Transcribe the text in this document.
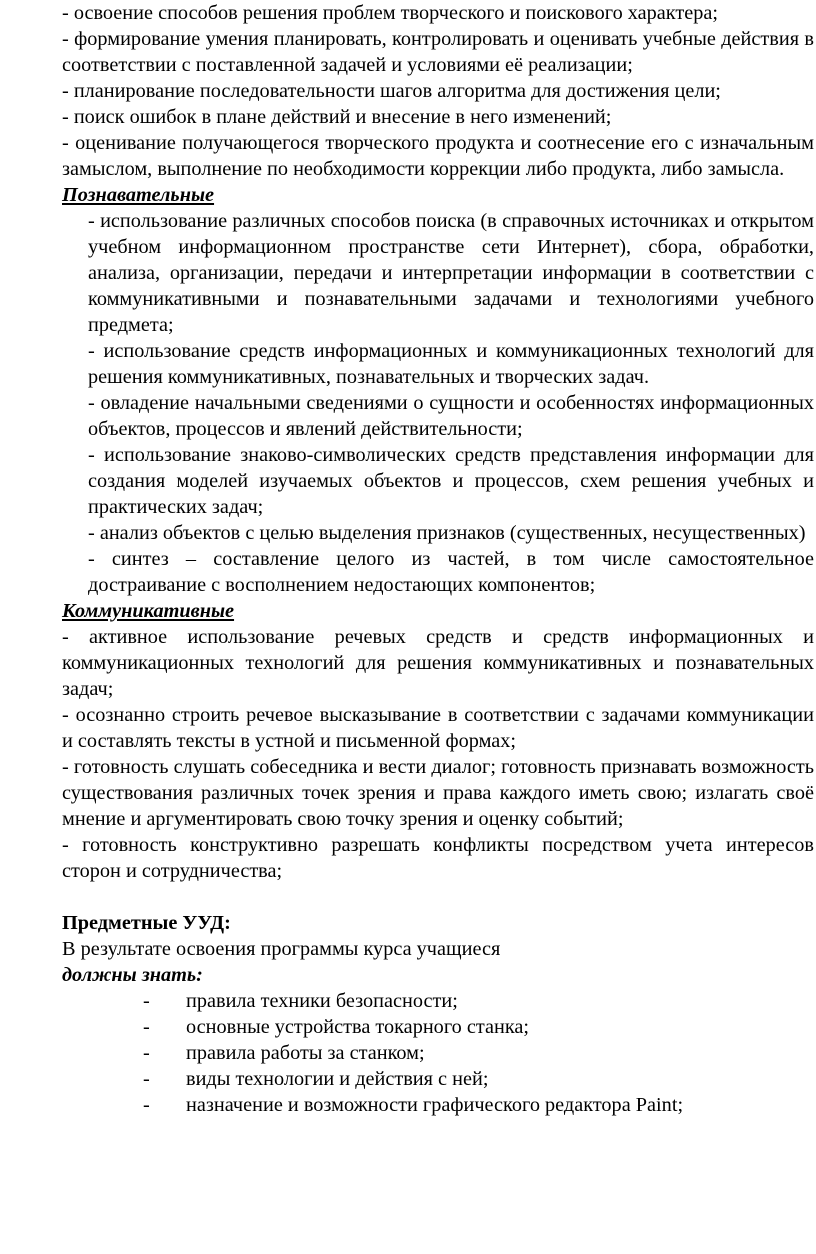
- освоение способов решения проблем творческого и поискового характера;

- формирование умения планировать, контролировать и оценивать учебные действия в соответствии с поставленной задачей и условиями её реализации;

- планирование последовательности шагов алгоритма для достижения цели;

- поиск ошибок в плане действий и внесение в него изменений;

- оценивание получающегося творческого продукта и соотнесение его с изначальным замыслом, выполнение по необходимости коррекции либо продукта, либо замысла.

Познавательные

- использование различных способов поиска (в справочных источниках и открытом учебном информационном пространстве сети Интернет), сбора, обработки, анализа, организации, передачи и интерпретации информации в соответствии с коммуникативными и познавательными задачами и технологиями учебного предмета;

- использование средств информационных и коммуникационных технологий для решения коммуникативных, познавательных и творческих задач.

- овладение начальными сведениями о сущности и особенностях информационных объектов, процессов и явлений действительности;

- использование знаково-символических средств представления информации для создания моделей изучаемых объектов и процессов, схем решения учебных и практических задач;

- анализ объектов с целью выделения признаков (существенных, несущественных)

- синтез – составление целого из частей, в том числе самостоятельное достраивание с восполнением недостающих компонентов;

Коммуникативные

- активное использование речевых средств и средств информационных и коммуникационных технологий для решения коммуникативных и познавательных задач;

- осознанно строить речевое высказывание в соответствии с задачами коммуникации и составлять тексты в устной и письменной формах;

- готовность слушать собеседника и вести диалог; готовность признавать возможность существования различных точек зрения и права каждого иметь свою; излагать своё мнение и аргументировать свою точку зрения и оценку событий;

- готовность конструктивно разрешать конфликты посредством учета интересов сторон и сотрудничества;

Предметные УУД:

В результате освоения программы курса учащиеся

должны знать:
- правила техники безопасности;
- основные устройства токарного станка;
- правила работы за станком;
- виды технологии и действия с ней;
- назначение и возможности графического редактора Paint;
